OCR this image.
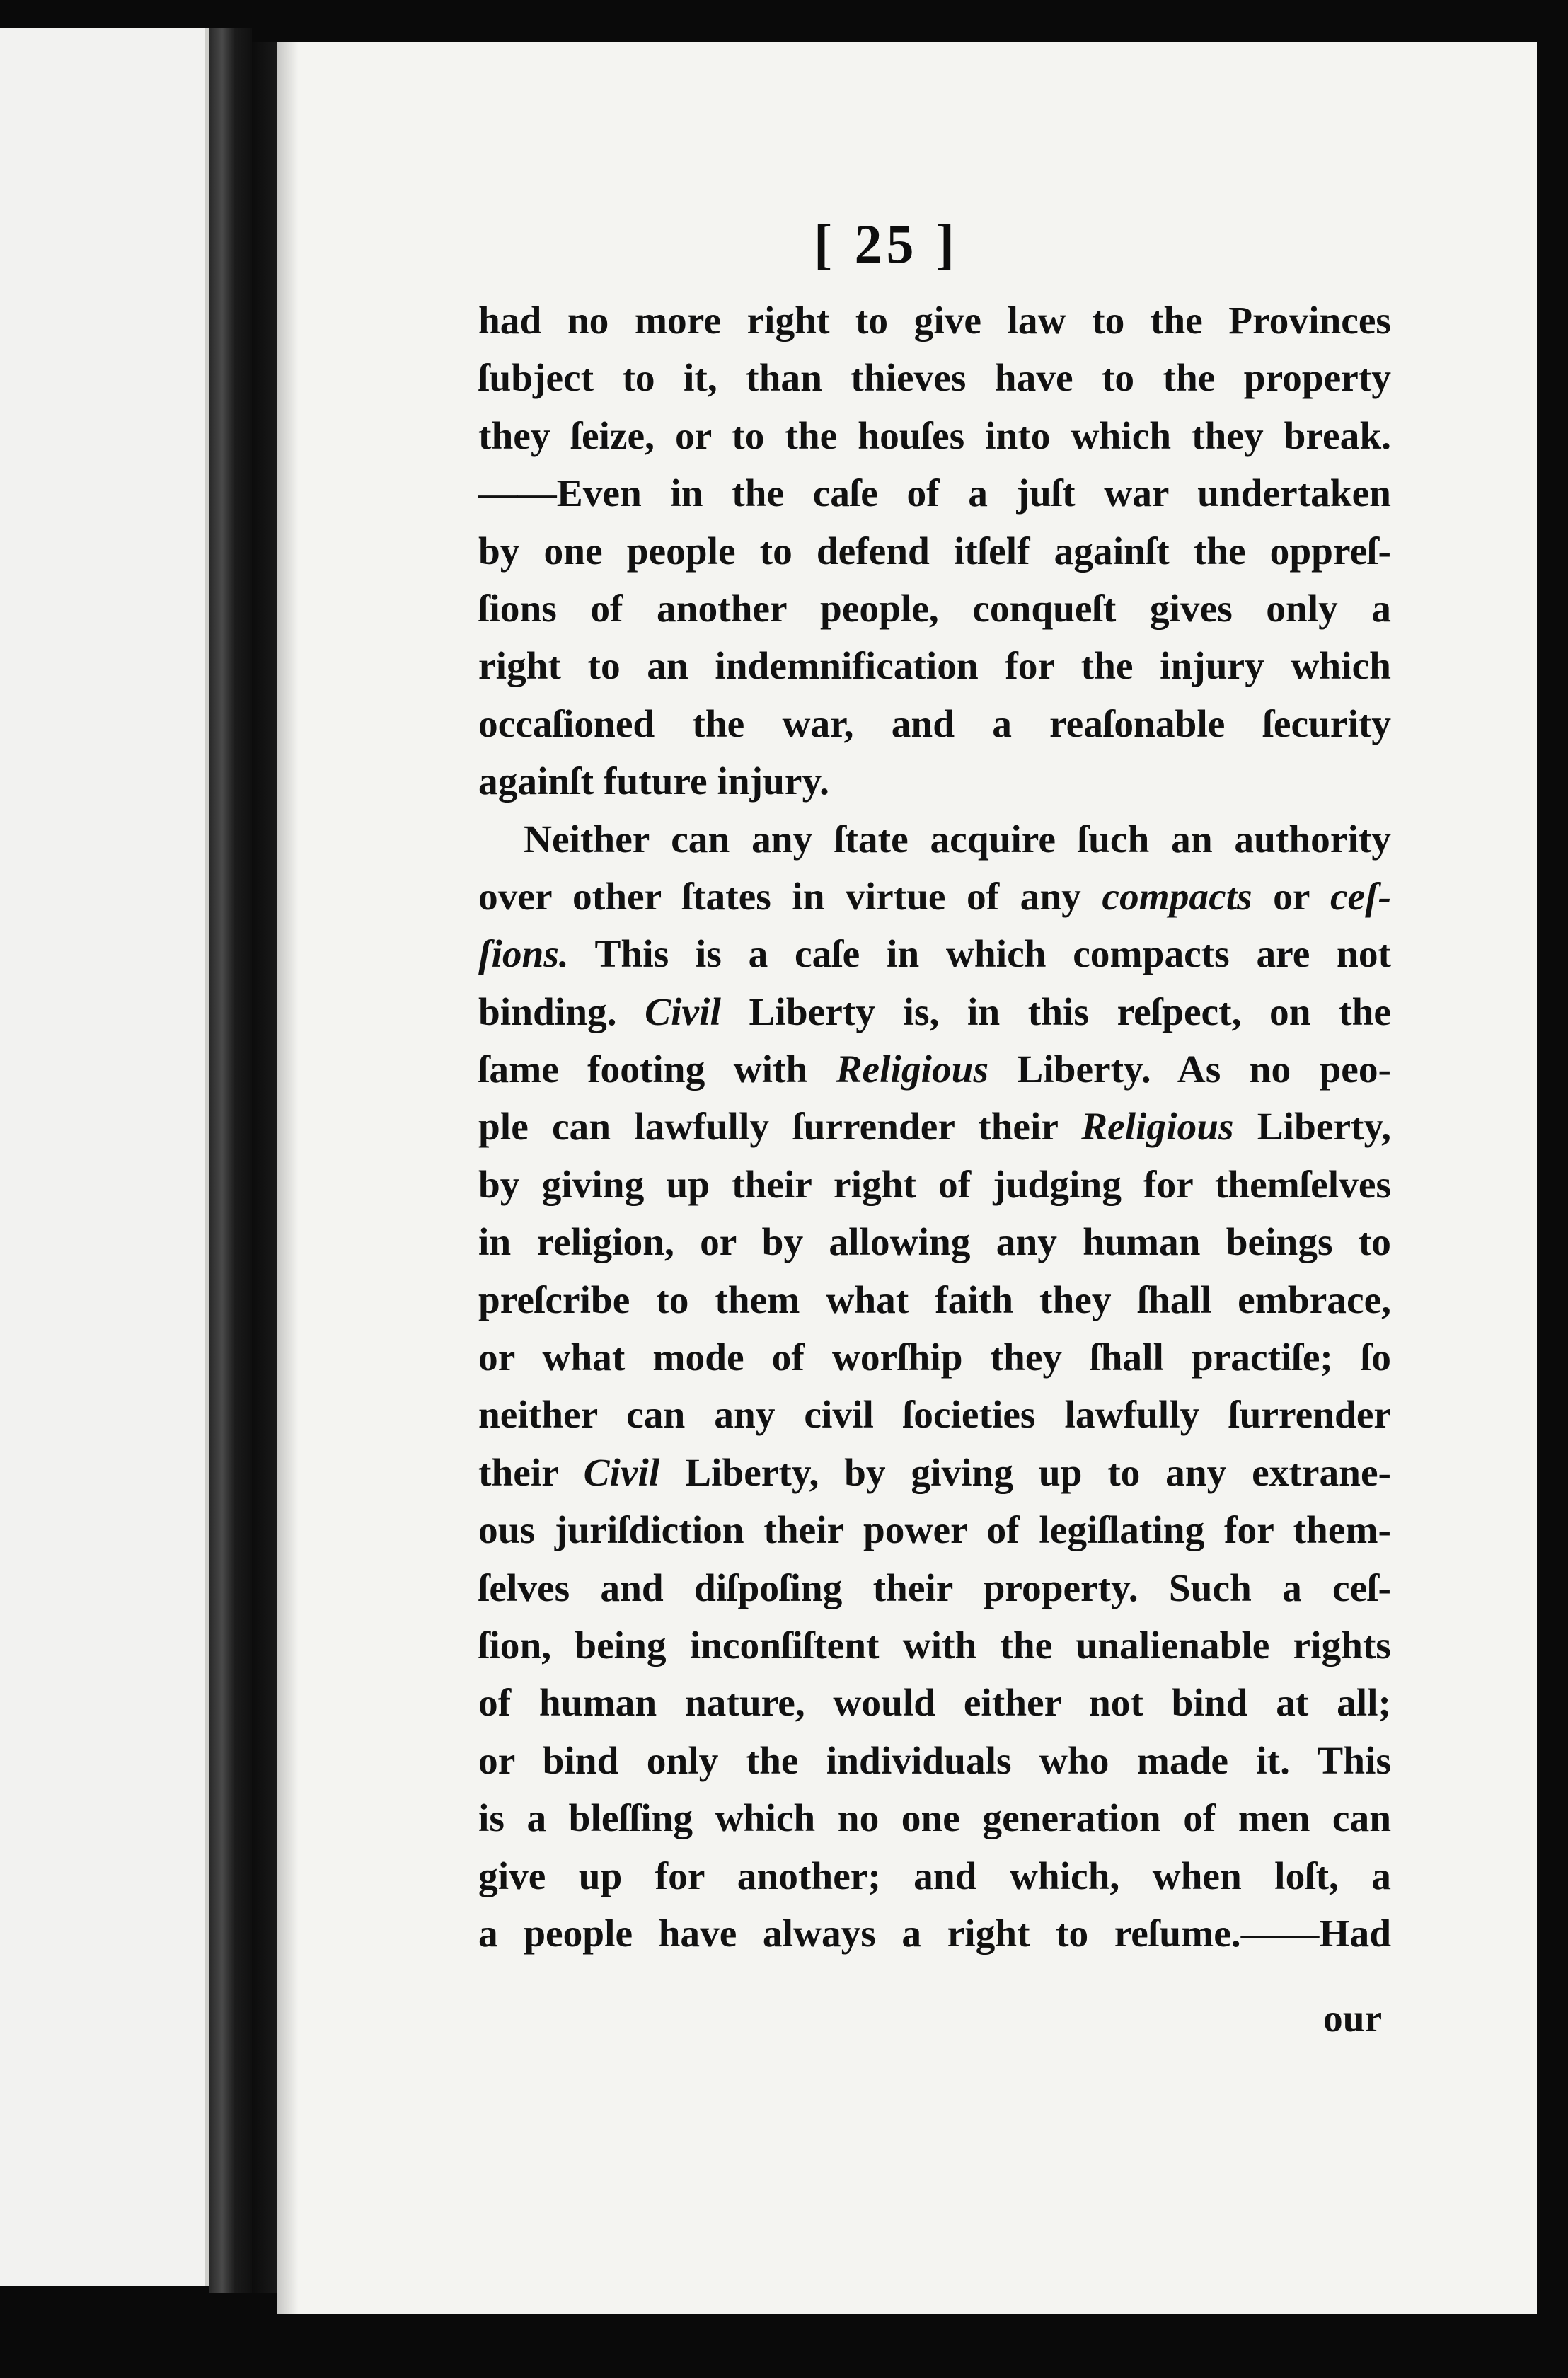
[ 25 ]
had no more right to give law to the Provinces
ſubject to it, than thieves have to the property
they ſeize, or to the houſes into which they break.
——Even in the caſe of a juſt war undertaken
by one people to defend itſelf againſt the oppreſ-
ſions of another people, conqueſt gives only a
right to an indemnification for the injury which
occaſioned the war, and a reaſonable ſecurity
againſt future injury.
Neither can any ſtate acquire ſuch an authority
over other ſtates in virtue of any compacts or ceſ-
ſions. This is a caſe in which compacts are not
binding. Civil Liberty is, in this reſpect, on the
ſame footing with Religious Liberty. As no peo-
ple can lawfully ſurrender their Religious Liberty,
by giving up their right of judging for themſelves
in religion, or by allowing any human beings to
preſcribe to them what faith they ſhall embrace,
or what mode of worſhip they ſhall practiſe; ſo
neither can any civil ſocieties lawfully ſurrender
their Civil Liberty, by giving up to any extrane-
ous juriſdiction their power of legiſlating for them-
ſelves and diſpoſing their property. Such a ceſ-
ſion, being inconſiſtent with the unalienable rights
of human nature, would either not bind at all;
or bind only the individuals who made it. This
is a bleſſing which no one generation of men can
give up for another; and which, when loſt, a
a people have always a right to reſume.——Had
our
